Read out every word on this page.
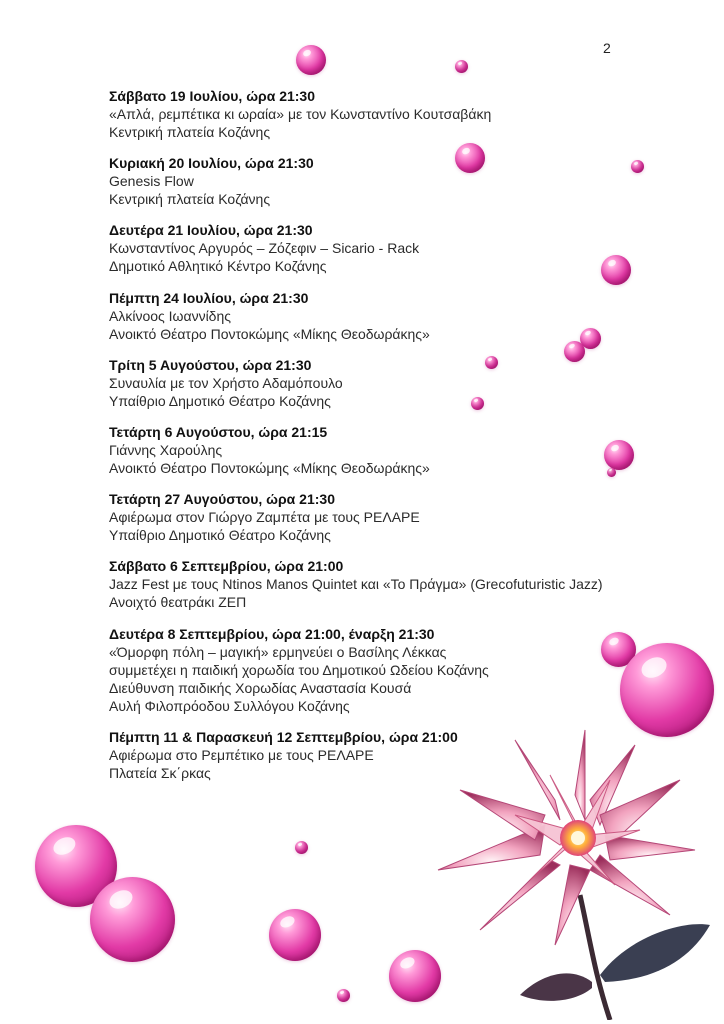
2
Σάββατο 19 Ιουλίου, ώρα 21:30
«Απλά, ρεμπέτικα κι ωραία» με τον Κωνσταντίνο Κουτσαβάκη
Κεντρική πλατεία Κοζάνης
Κυριακή 20 Ιουλίου, ώρα 21:30
Genesis Flow
Κεντρική πλατεία Κοζάνης
Δευτέρα 21 Ιουλίου, ώρα 21:30
Κωνσταντίνος Αργυρός – Ζόζεφιν – Sicario - Rack
Δημοτικό Αθλητικό Κέντρο Κοζάνης
Πέμπτη 24 Ιουλίου, ώρα 21:30
Αλκίνοος Ιωαννίδης
Ανοικτό Θέατρο Ποντοκώμης «Μίκης Θεοδωράκης»
Τρίτη 5 Αυγούστου, ώρα 21:30
Συναυλία με τον Χρήστο Αδαμόπουλο
Υπαίθριο Δημοτικό Θέατρο Κοζάνης
Τετάρτη 6 Αυγούστου, ώρα 21:15
Γιάννης Χαρούλης
Ανοικτό Θέατρο Ποντοκώμης «Μίκης Θεοδωράκης»
Τετάρτη 27 Αυγούστου, ώρα 21:30
Αφιέρωμα στον Γιώργο Ζαμπέτα με τους ΡΕΛΑΡΕ
Υπαίθριο Δημοτικό Θέατρο Κοζάνης
Σάββατο 6 Σεπτεμβρίου, ώρα 21:00
Jazz Fest με τους Ntinos Manos Quintet και «Το Πράγμα» (Grecofuturistic Jazz)
Ανοιχτό θεατράκι ΖΕΠ
Δευτέρα 8 Σεπτεμβρίου, ώρα 21:00, έναρξη 21:30
«Όμορφη πόλη – μαγική» ερμηνεύει ο Βασίλης Λέκκας
συμμετέχει η παιδική χορωδία του Δημοτικού Ωδείου Κοζάνης
Διεύθυνση παιδικής Χορωδίας Αναστασία Κουσά
Αυλή Φιλοπρόοδου Συλλόγου Κοζάνης
Πέμπτη 11 & Παρασκευή 12 Σεπτεμβρίου, ώρα 21:00
Αφιέρωμα στο Ρεμπέτικο με τους ΡΕΛΑΡΕ
Πλατεία Σκ΄ρκας
